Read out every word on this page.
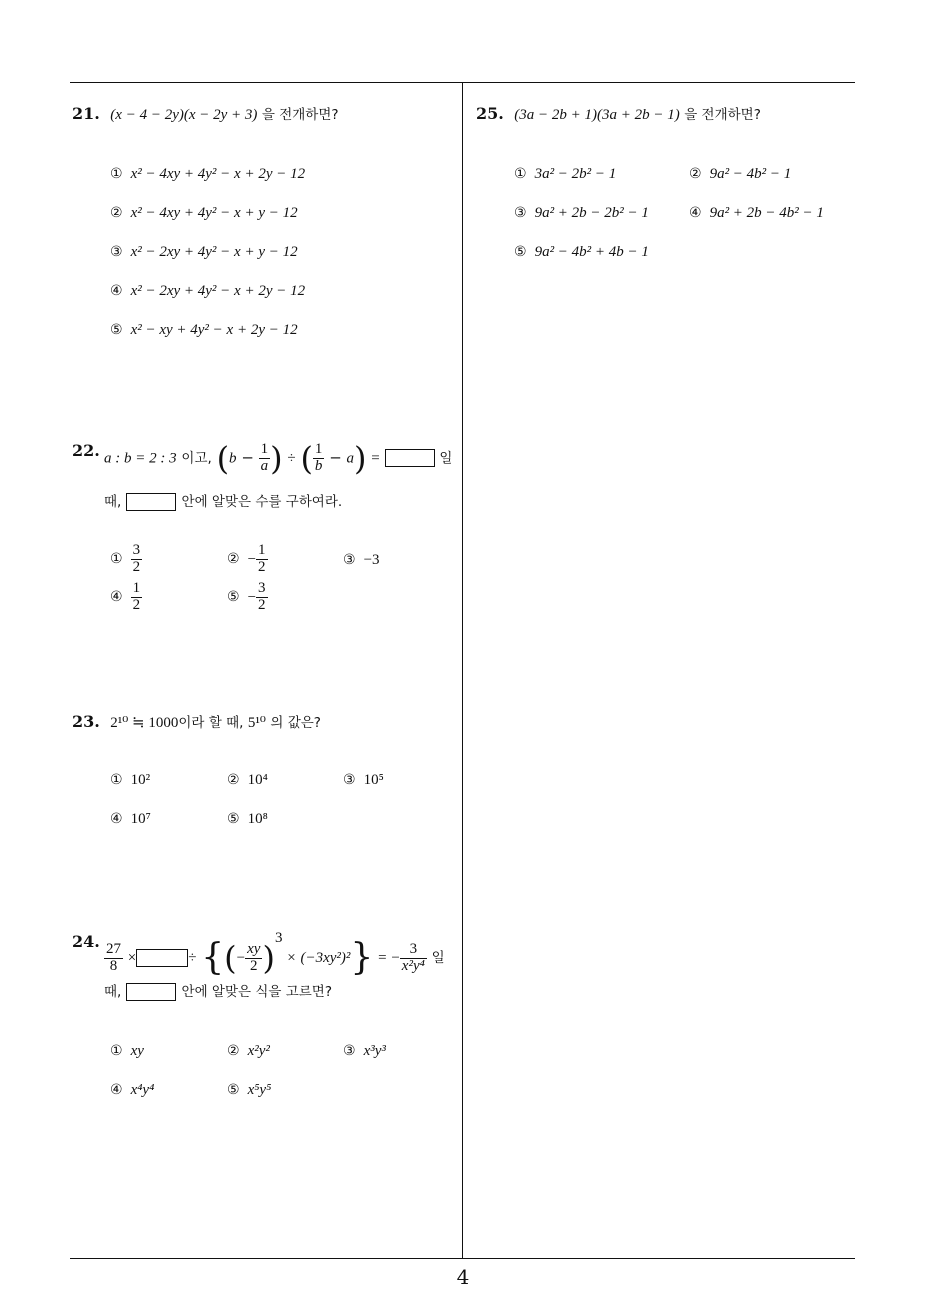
4
21. (x − 4 − 2y)(x − 2y + 3) 을 전개하면?
① x² − 4xy + 4y² − x + 2y − 12
② x² − 4xy + 4y² − x + y − 12
③ x² − 2xy + 4y² − x + y − 12
④ x² − 2xy + 4y² − x + 2y − 12
⑤ x² − xy + 4y² − x + 2y − 12
22. a : b = 2 : 3 이고, ($b - \frac{1}{a}$ ) ÷ ( $\frac{1}{b} - a$) =	일
때,	안에 알맞은 수를 구하여라.
① $\frac{3}{2}$	② − $\frac{1}{2}$	③ −3
④ $\frac{1}{2}$	⑤ − $\frac{3}{2}$
23. 2¹⁰ ≒ 1000이라 할 때, 5¹⁰ 의 값은?
① 10²	② 10⁴	③ 10⁵
④ 10⁷	⑤ 10⁸
24.
$\frac{27}{8}$ ×	÷ {(− $\frac{xy}{2} )^3 \times (-3xy^2)^2$} = − $\frac{3}{\text{x²y⁴}}$ 일
때,	안에 알맞은 식을 고르면?
① xy	② x²y²	③ x³y³
④ x⁴y⁴	⑤ x⁵y⁵
25. (3a − 2b + 1)(3a + 2b − 1) 을 전개하면?
① 3a² − 2b² − 1	② 9a² − 4b² − 1
③ 9a² + 2b − 2b² − 1	④ 9a² + 2b − 4b² − 1
⑤ 9a² − 4b² + 4b − 1
